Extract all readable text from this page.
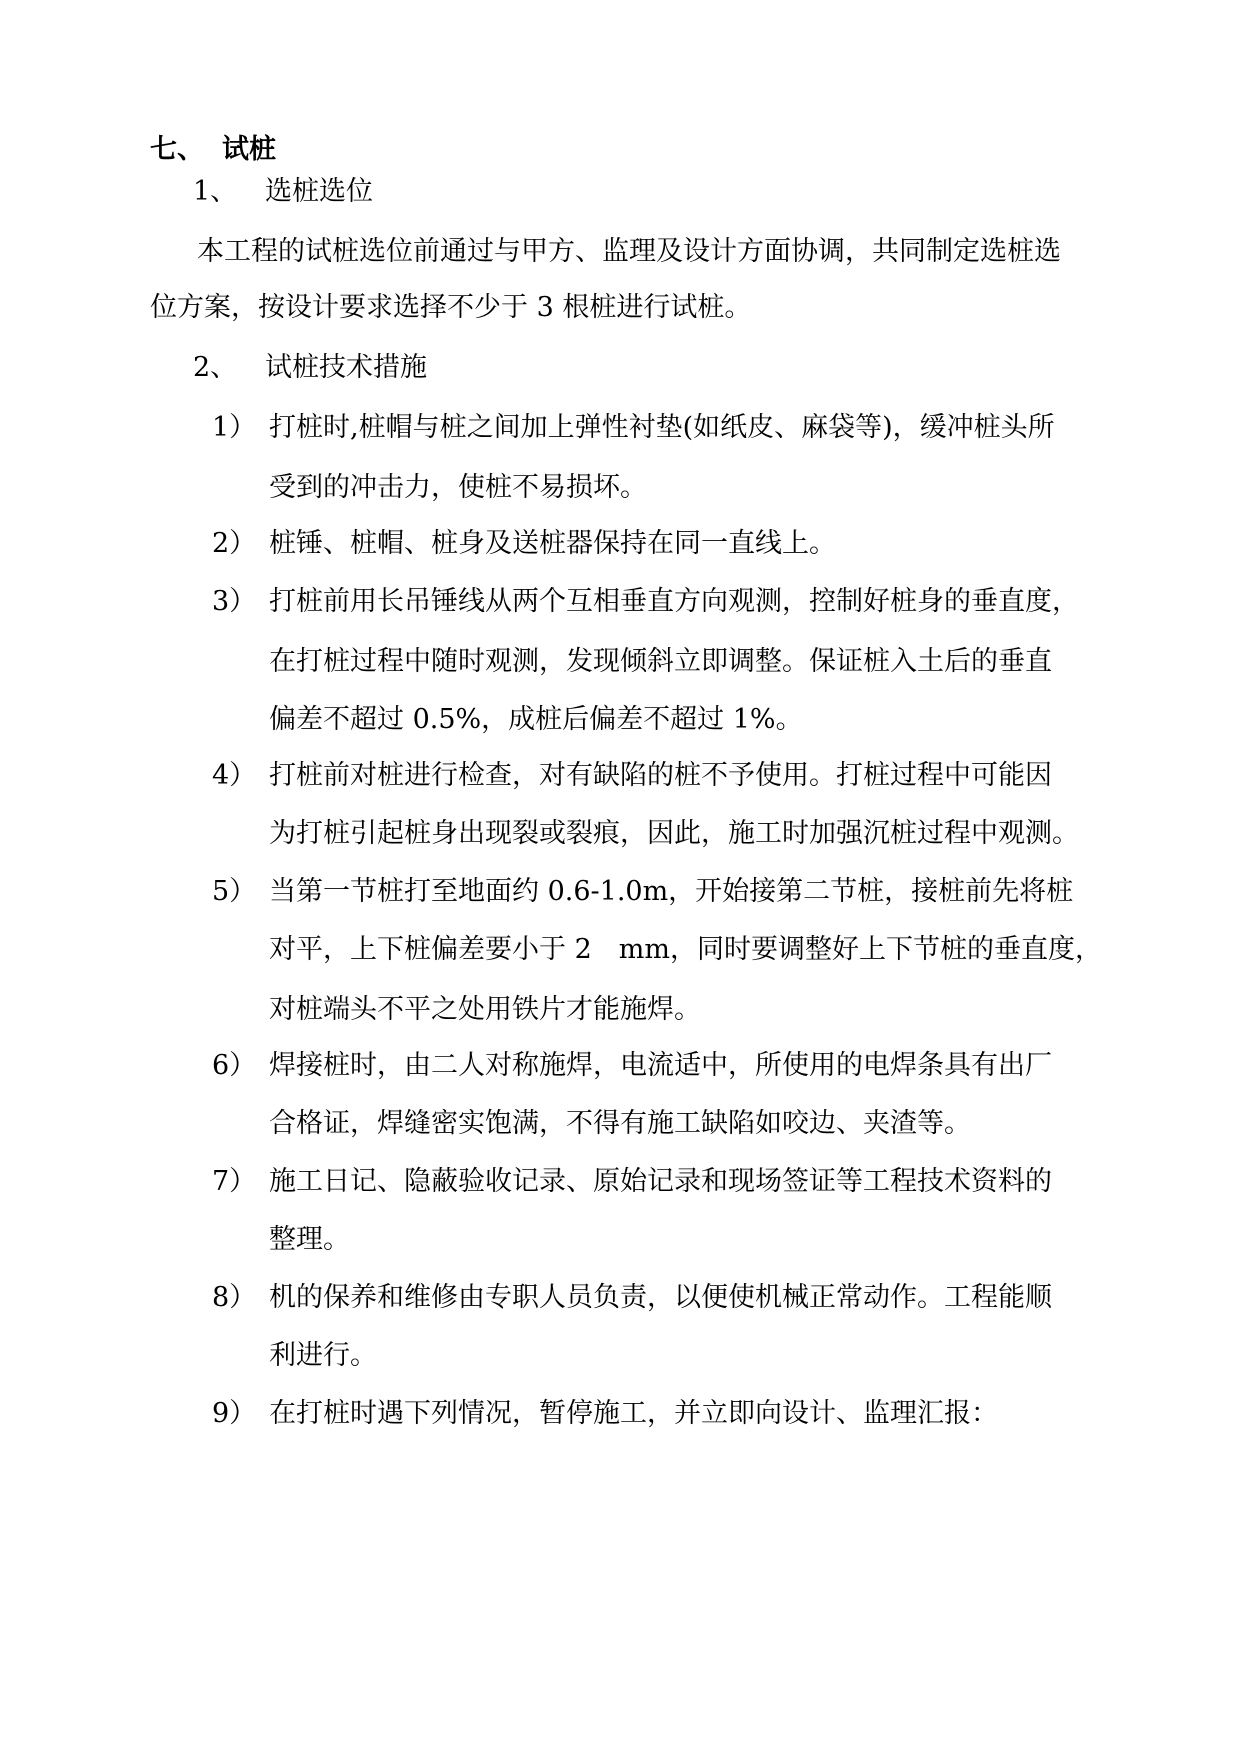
七、 试桩
1、 选桩选位
本工程的试桩选位前通过与甲方、监理及设计方面协调，共同制定选桩选
位方案，按设计要求选择不少于 3 根桩进行试桩。
2、 试桩技术措施
1） 打桩时,桩帽与桩之间加上弹性衬垫(如纸皮、麻袋等)，缓冲桩头所
受到的冲击力，使桩不易损坏。
2） 桩锤、桩帽、桩身及送桩器保持在同一直线上。
3） 打桩前用长吊锤线从两个互相垂直方向观测，控制好桩身的垂直度，
在打桩过程中随时观测，发现倾斜立即调整。保证桩入土后的垂直
偏差不超过 0.5%，成桩后偏差不超过 1%。
4） 打桩前对桩进行检查，对有缺陷的桩不予使用。打桩过程中可能因
为打桩引起桩身出现裂或裂痕，因此，施工时加强沉桩过程中观测。
5） 当第一节桩打至地面约 0.6-1.0m，开始接第二节桩，接桩前先将桩
对平，上下桩偏差要小于 2　mm，同时要调整好上下节桩的垂直度，
对桩端头不平之处用铁片才能施焊。
6） 焊接桩时，由二人对称施焊，电流适中，所使用的电焊条具有出厂
合格证，焊缝密实饱满，不得有施工缺陷如咬边、夹渣等。
7） 施工日记、隐蔽验收记录、原始记录和现场签证等工程技术资料的
整理。
8） 机的保养和维修由专职人员负责，以便使机械正常动作。工程能顺
利进行。
9） 在打桩时遇下列情况，暂停施工，并立即向设计、监理汇报：
